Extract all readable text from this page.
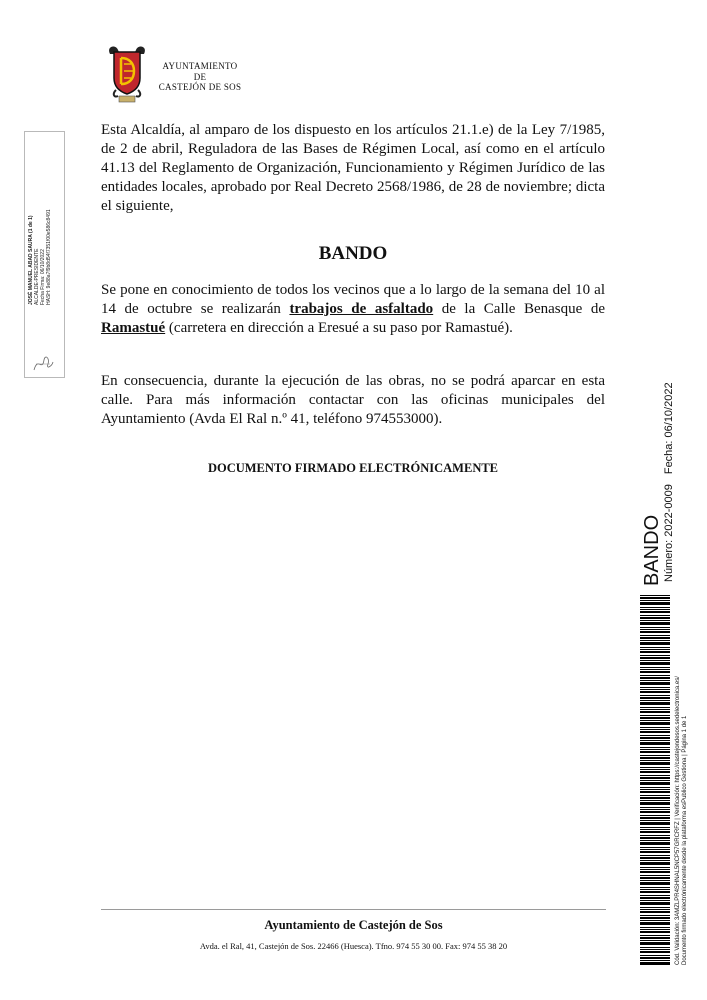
AYUNTAMIENTO
DE
CASTEJÓN DE SOS
JOSÉ MANUEL ABAD SAURA (1 de 1) ALCALDE-PRESIDENTE Fecha Firma: 06/10/2022 HASH: 9e88a7f9b8d54f7351f00e586c8491

Esta Alcaldía, al amparo de los dispuesto en los artículos 21.1.e) de la Ley 7/1985, de 2 de abril, Reguladora de las Bases de Régimen Local, así como en el artículo 41.13 del Reglamento de Organización, Funcionamiento y Régimen Jurídico de las entidades locales, aprobado por Real Decreto 2568/1986, de 28 de noviembre; dicta el siguiente,

BANDO

Se pone en conocimiento de todos los vecinos que a lo largo de la semana del 10 al 14 de octubre se realizarán trabajos de asfaltado de la Calle Benasque de Ramastué (carretera en dirección a Eresué a su paso por Ramastué).

En consecuencia, durante la ejecución de las obras, no se podrá aparcar en esta calle. Para más información contactar con las oficinas municipales del Ayuntamiento (Avda El Ral n.º 41, teléfono 974553000).

DOCUMENTO FIRMADO ELECTRÓNICAMENTE

Ayuntamiento de Castejón de Sos

Avda. el Ral, 41, Castejón de Sos. 22466 (Huesca). Tfno. 974 55 30 00. Fax: 974 55 38 20

BANDO Número: 2022-0009Fecha: 06/10/2022
Cód. Validación: 3AMZLPR4SHNAL5NCP57GRCRFZ | Verificación: https://castejondesos.sedelectronica.es/ Documento firmado electrónicamente desde la plataforma esPublico Gestiona | Página 1 de 1
